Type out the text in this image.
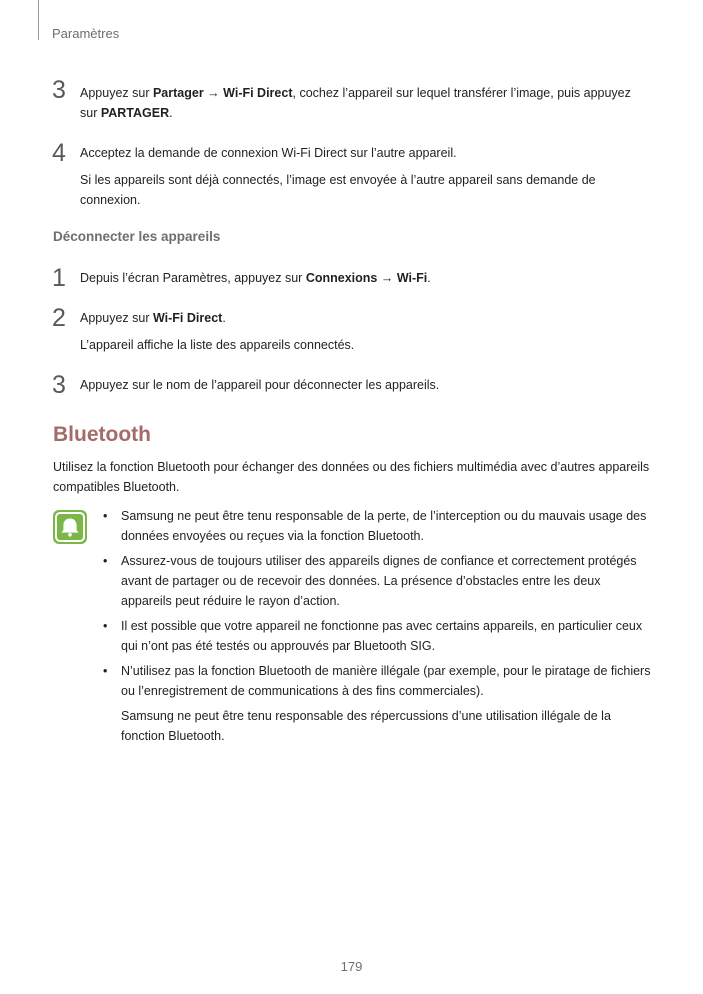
Paramètres
3 Appuyez sur Partager → Wi-Fi Direct, cochez l’appareil sur lequel transférer l’image, puis appuyez sur PARTAGER.
4 Acceptez la demande de connexion Wi-Fi Direct sur l’autre appareil.
Si les appareils sont déjà connectés, l’image est envoyée à l’autre appareil sans demande de connexion.
Déconnecter les appareils
1 Depuis l’écran Paramètres, appuyez sur Connexions → Wi-Fi.
2 Appuyez sur Wi-Fi Direct.
L’appareil affiche la liste des appareils connectés.
3 Appuyez sur le nom de l’appareil pour déconnecter les appareils.
Bluetooth
Utilisez la fonction Bluetooth pour échanger des données ou des fichiers multimédia avec d’autres appareils compatibles Bluetooth.
• Samsung ne peut être tenu responsable de la perte, de l’interception ou du mauvais usage des données envoyées ou reçues via la fonction Bluetooth.
• Assurez-vous de toujours utiliser des appareils dignes de confiance et correctement protégés avant de partager ou de recevoir des données. La présence d’obstacles entre les deux appareils peut réduire le rayon d’action.
• Il est possible que votre appareil ne fonctionne pas avec certains appareils, en particulier ceux qui n’ont pas été testés ou approuvés par Bluetooth SIG.
• N’utilisez pas la fonction Bluetooth de manière illégale (par exemple, pour le piratage de fichiers ou l’enregistrement de communications à des fins commerciales).

Samsung ne peut être tenu responsable des répercussions d’une utilisation illégale de la fonction Bluetooth.

179
